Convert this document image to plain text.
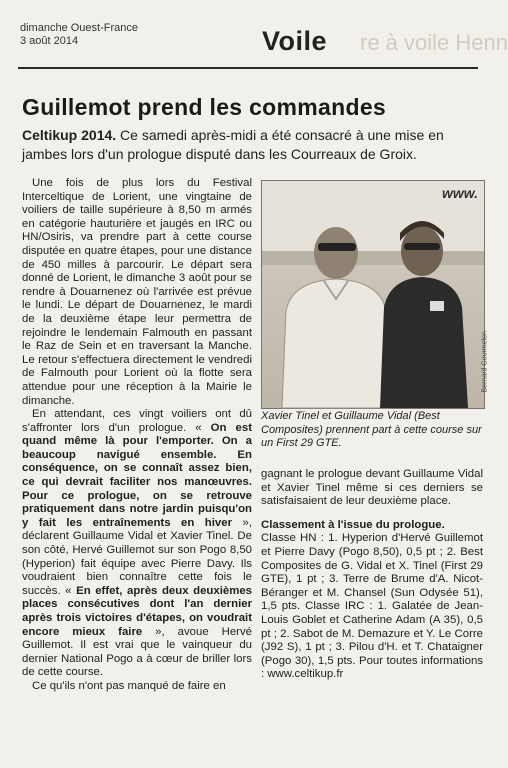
dimanche Ouest-France
3 août 2014	re à voile Henn
Voile
Guillemot prend les commandes
Celtikup 2014. Ce samedi après-midi a été consacré à une mise en jambes lors d'un prologue disputé dans les Courreaux de Groix.

Une fois de plus lors du Festival Interceltique de Lorient, une vingtaine de voiliers de taille supérieure à 8,50 m armés en catégorie hauturière et jaugés en IRC ou HN/Osiris, va prendre part à cette course disputée en quatre étapes, pour une distance de 450 milles à parcourir. Le départ sera donné de Lorient, le dimanche 3 août pour se rendre à Douarnenez où l'arrivée est prévue le lundi. Le départ de Douarnenez, le mardi de la deuxième étape leur permettra de rejoindre le lendemain Falmouth en passant le Raz de Sein et en traversant la Manche. Le retour s'effectuera directement le vendredi de Falmouth pour Lorient où la flotte sera attendue pour une réception à la Mairie le dimanche.

En attendant, ces vingt voiliers ont dû s'affronter lors d'un prologue. « On est quand même là pour l'emporter. On a beaucoup navigué ensemble. En conséquence, on se connaît assez bien, ce qui devrait faciliter nos manœuvres. Pour ce prologue, on se retrouve pratiquement dans notre jardin puisqu'on y fait les entraînements en hiver », déclarent Guillaume Vidal et Xavier Tinel. De son côté, Hervé Guillemot sur son Pogo 8,50 (Hyperion) fait équipe avec Pierre Davy. Ils voudraient bien connaître cette fois le succès. « En effet, après deux deuxièmes places consécutives dont l'an dernier après trois victoires d'étapes, on voudrait encore mieux faire », avoue Hervé Guillemot. Il est vrai que le vainqueur du dernier National Pogo a à cœur de briller lors de cette course.

Ce qu'ils n'ont pas manqué de faire en

www.
Bernard Gourmelen
Xavier Tinel et Guillaume Vidal (Best Composites) prennent part à cette course sur un First 29 GTE.

gagnant le prologue devant Guillaume Vidal et Xavier Tinel même si ces derniers se satisfaisaient de leur deuxième place.

Classement à l'issue du prologue.

Classe HN : 1. Hyperion d'Hervé Guillemot et Pierre Davy (Pogo 8,50), 0,5 pt ; 2. Best Composites de G. Vidal et X. Tinel (First 29 GTE), 1 pt ; 3. Terre de Brume d'A. Nicot-Béranger et M. Chansel (Sun Odysée 51), 1,5 pts. Classe IRC : 1. Galatée de Jean-Louis Goblet et Catherine Adam (A 35), 0,5 pt ; 2. Sabot de M. Demazure et Y. Le Corre (J92 S), 1 pt ; 3. Pilou d'H. et T. Chataigner (Pogo 30), 1,5 pts. Pour toutes informations : www.celtikup.fr
